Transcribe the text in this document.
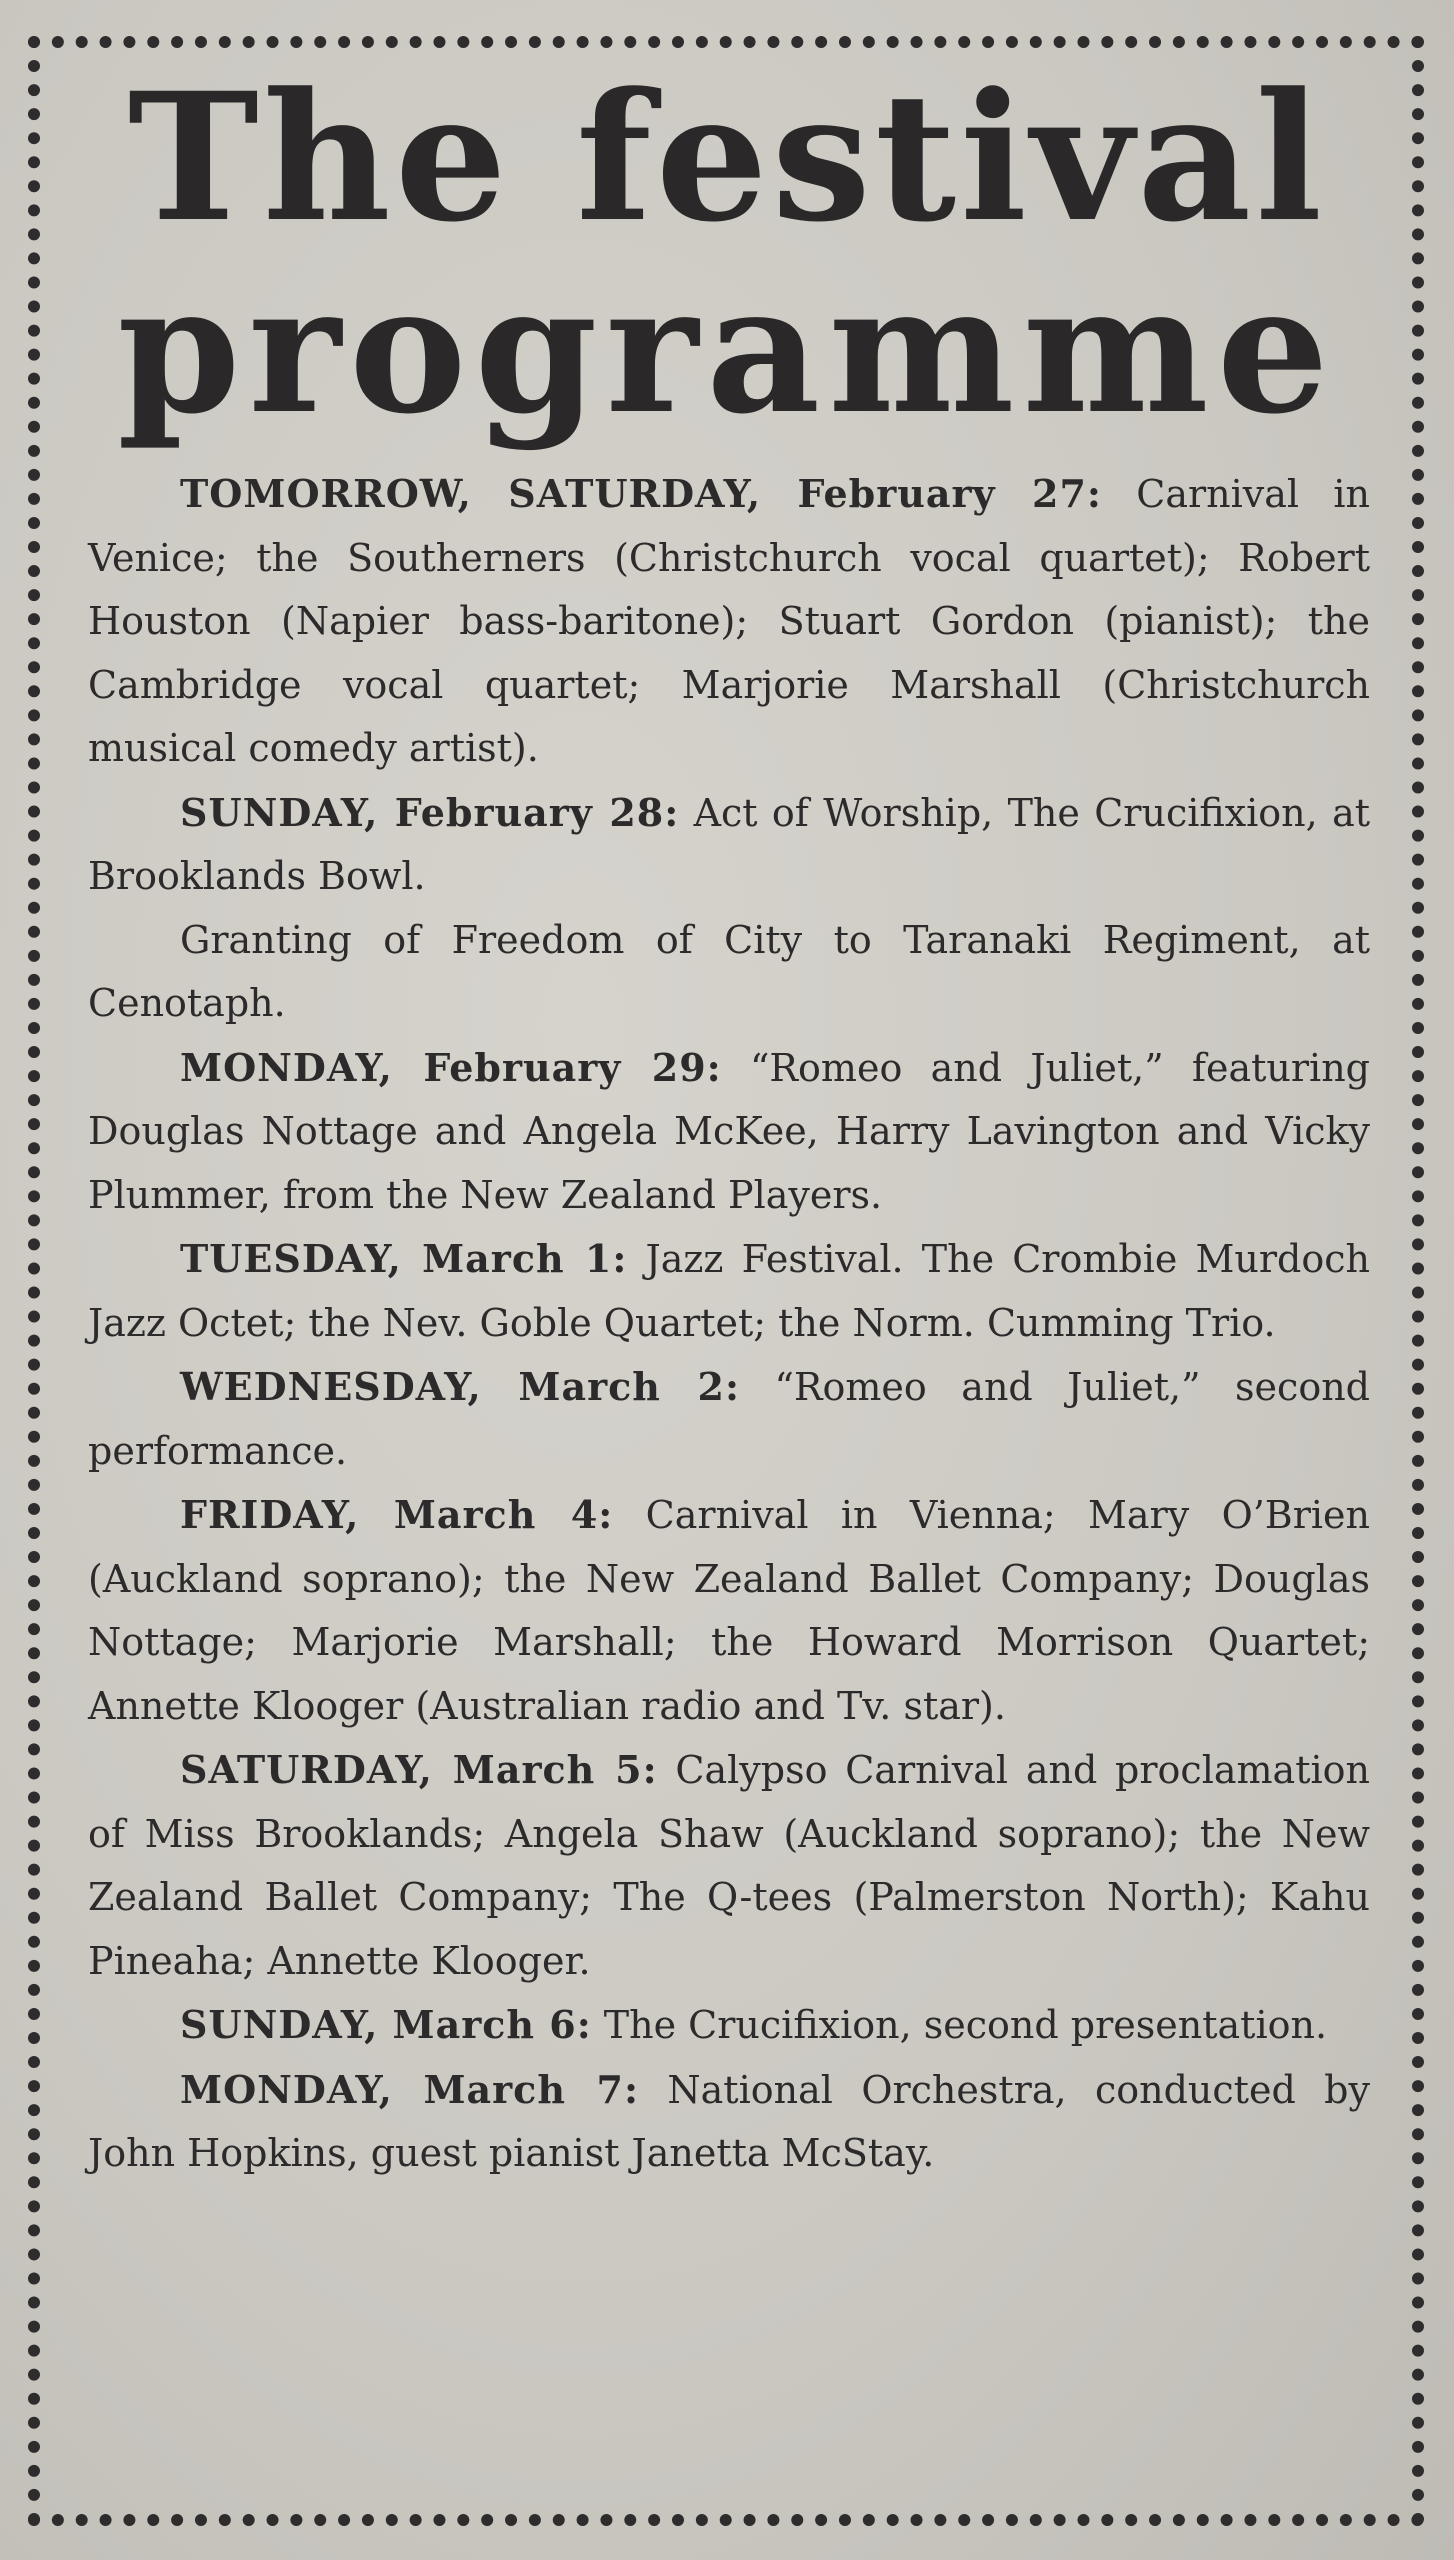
The festival
programme

TOMORROW, SATURDAY, February 27: Carnival in Venice; the Southerners (Christchurch vocal quartet); Robert Houston (Napier bass-baritone); Stuart Gordon (pianist); the Cambridge vocal quartet; Marjorie Marshall (Christchurch musical comedy artist).

SUNDAY, February 28: Act of Worship, The Crucifixion, at Brooklands Bowl.

Granting of Freedom of City to Taranaki Regiment, at Cenotaph.

MONDAY, February 29: “Romeo and Juliet,” featuring Douglas Nottage and Angela McKee, Harry Lavington and Vicky Plummer, from the New Zealand Players.

TUESDAY, March 1: Jazz Festival. The Crombie Murdoch Jazz Octet; the Nev. Goble Quartet; the Norm. Cumming Trio.

WEDNESDAY, March 2: “Romeo and Juliet,” second performance.

FRIDAY, March 4: Carnival in Vienna; Mary O’Brien (Auckland soprano); the New Zealand Ballet Company; Douglas Nottage; Marjorie Marshall; the Howard Morrison Quartet; Annette Klooger (Australian radio and Tv. star).

SATURDAY, March 5: Calypso Carnival and proclamation of Miss Brooklands; Angela Shaw (Auckland soprano); the New Zealand Ballet Company; The Q-tees (Palmerston North); Kahu Pineaha; Annette Klooger.

SUNDAY, March 6: The Crucifixion, second presentation.

MONDAY, March 7: National Orchestra, conducted by John Hopkins, guest pianist Janetta McStay.
